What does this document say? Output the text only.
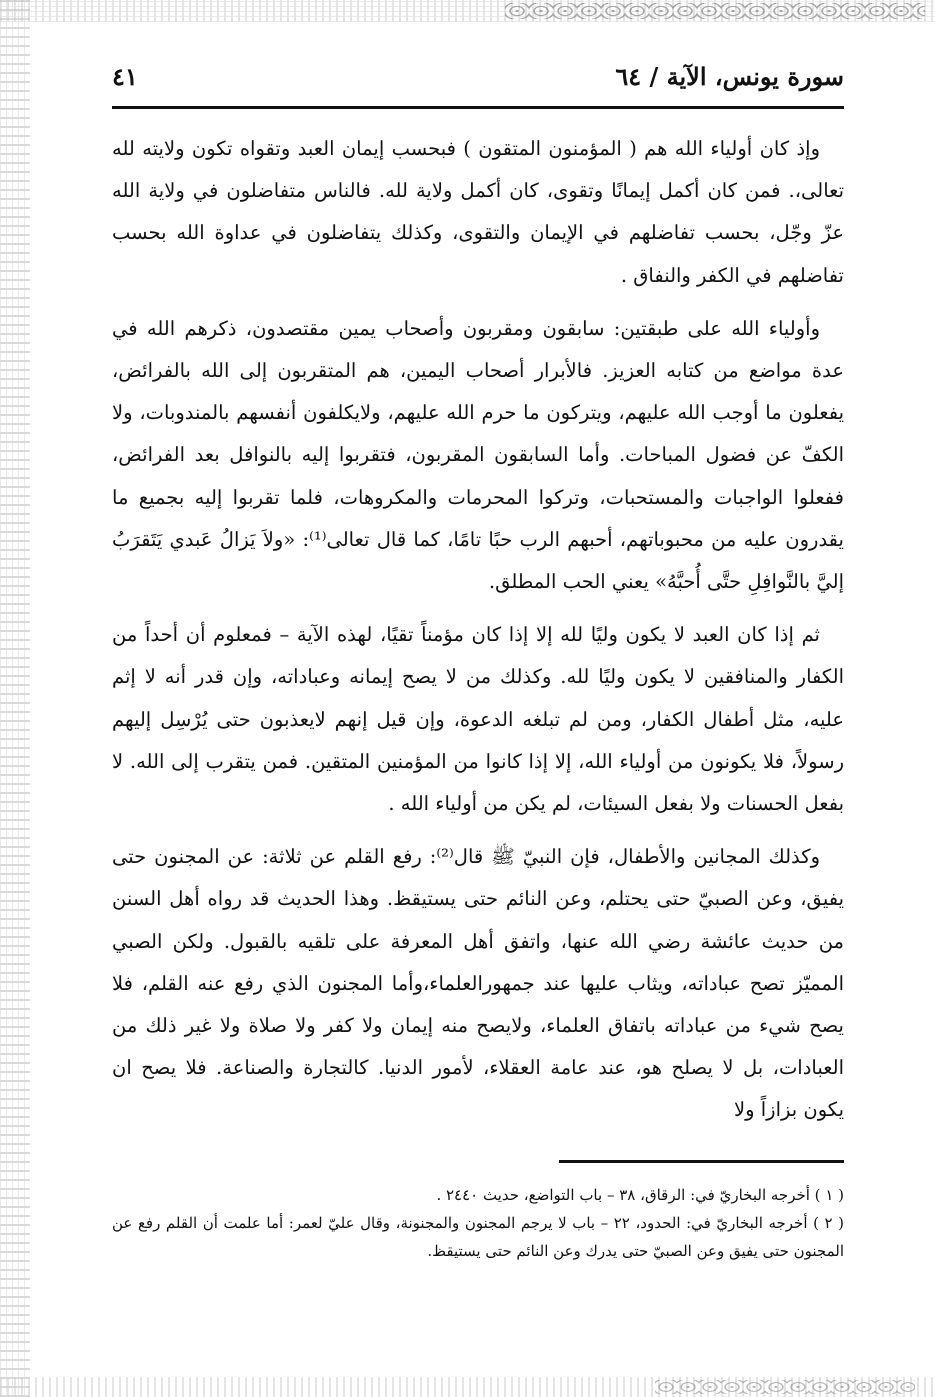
سورة يونس، الآية / ٦٤
٤١

وإذ كان أولياء الله هم ( المؤمنون المتقون ) فبحسب إيمان العبد وتقواه تكون ولايته لله تعالى،. فمن كان أكمل إيمانًا وتقوى، كان أكمل ولاية لله. فالناس متفاضلون في ولاية الله عزّ وجّل، بحسب تفاضلهم في الإيمان والتقوى، وكذلك يتفاضلون في عداوة الله بحسب تفاضلهم في الكفر والنفاق .

وأولياء الله على طبقتين: سابقون ومقربون وأصحاب يمين مقتصدون، ذكرهم الله في عدة مواضع من كتابه العزيز. فالأبرار أصحاب اليمين، هم المتقربون إلى الله بالفرائض، يفعلون ما أوجب الله عليهم، ويتركون ما حرم الله عليهم، ولايكلفون أنفسهم بالمندوبات، ولا الكفّ عن فضول المباحات. وأما السابقون المقربون، فتقربوا إليه بالنوافل بعد الفرائض، ففعلوا الواجبات والمستحبات، وتركوا المحرمات والمكروهات، فلما تقربوا إليه بجميع ما يقدرون عليه من محبوباتهم، أحبهم الرب حبًا تامًا، كما قال تعالى⁽¹⁾: «ولاَ يَزالُ عَبدي يَتَقرَبُ إليَّ بالنَّوافِلِ حتَّى أُحبَّهُ» يعني الحب المطلق.

ثم إذا كان العبد لا يكون وليًا لله إلا إذا كان مؤمناً تقيًا، لهذه الآية – فمعلوم أن أحداً من الكفار والمنافقين لا يكون وليًا لله. وكذلك من لا يصح إيمانه وعباداته، وإن قدر أنه لا إثم عليه، مثل أطفال الكفار، ومن لم تبلغه الدعوة، وإن قيل إنهم لايعذبون حتى يُرْسِل إليهم رسولاً، فلا يكونون من أولياء الله، إلا إذا كانوا من المؤمنين المتقين. فمن يتقرب إلى الله. لا بفعل الحسنات ولا بفعل السيئات، لم يكن من أولياء الله .

وكذلك المجانين والأطفال، فإن النبيّ ﷺ قال⁽²⁾: رفع القلم عن ثلاثة: عن المجنون حتى يفيق، وعن الصبيّ حتى يحتلم، وعن النائم حتى يستيقظ. وهذا الحديث قد رواه أهل السنن من حديث عائشة رضي الله عنها، واتفق أهل المعرفة على تلقيه بالقبول. ولكن الصبي المميّز تصح عباداته، ويثاب عليها عند جمهورالعلماء،وأما المجنون الذي رفع عنه القلم، فلا يصح شيء من عباداته باتفاق العلماء، ولايصح منه إيمان ولا كفر ولا صلاة ولا غير ذلك من العبادات، بل لا يصلح هو، عند عامة العقلاء، لأمور الدنيا. كالتجارة والصناعة. فلا يصح ان يكون بزازاً ولا

( ١ ) أخرجه البخاريّ في: الرقاق، ٣٨ – باب التواضع، حديث ٢٤٤٠ .
( ٢ ) أخرجه البخاريّ في: الحدود، ٢٢ – باب لا يرجم المجنون والمجنونة، وقال عليّ لعمر: أما علمت أن القلم رفع عن المجنون حتى يفيق وعن الصبيّ حتى يدرك وعن النائم حتى يستيقظ.
